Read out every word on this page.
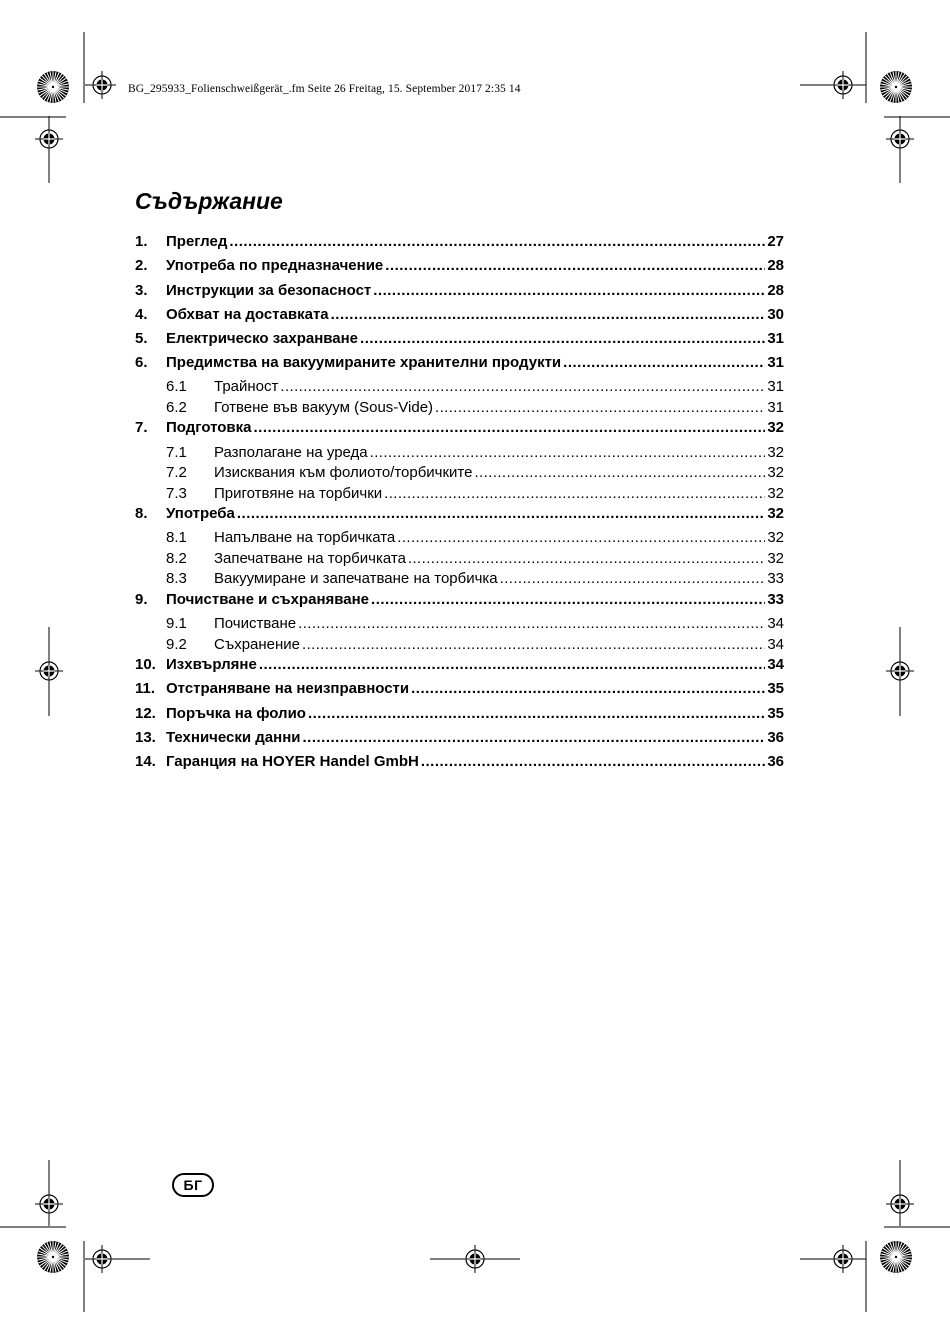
BG_295933_Folienschweißgerät_.fm Seite 26 Freitag, 15. September 2017 2:35 14
Съдържание
1.	Преглед .....	27
2.	Употреба по предназначение .....	28
3.	Инструкции за безопасност .....	28
4.	Обхват на доставката .....	30
5.	Електрическо захранване .....	31
6.	Предимства на вакуумираните хранителни продукти .....	31
6.1	Трайност .....	31
6.2	Готвене във вакуум (Sous-Vide) .....	31
7.	Подготовка .....	32
7.1	Разполагане на уреда .....	32
7.2	Изисквания към фолиото/торбичките .....	32
7.3	Приготвяне на торбички .....	32
8.	Употреба .....	32
8.1	Напълване на торбичката .....	32
8.2	Запечатване на торбичката .....	32
8.3	Вакуумиране и запечатване на торбичка .....	33
9.	Почистване и съхраняване .....	33
9.1	Почистване .....	34
9.2	Съхранение .....	34
10. Изхвърляне .....	34
11. Отстраняване на неизправности .....	35
12. Поръчка на фолио .....	35
13. Технически данни .....	36
14. Гаранция на HOYER Handel GmbH .....	36
БГ
